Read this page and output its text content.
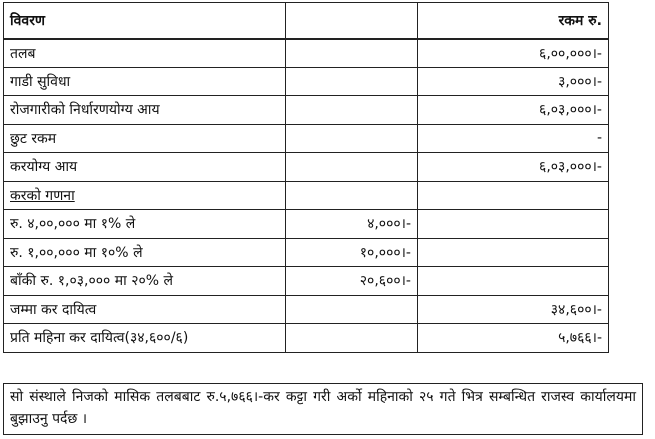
विवरण		रकम रु.
तलब		६,००,०००।-
गाडी सुविधा		३,०००।-
रोजगारीको निर्धारणयोग्य आय		६,०३,०००।-
छुट रकम		-
करयोग्य आय		६,०३,०००।-
करको गणना		
रु. ४,००,००० मा १% ले	४,०००।-	
रु. १,००,००० मा १०% ले	१०,०००।-	
बाँकी रु. १,०३,००० मा २०% ले	२०,६००।-	
जम्मा कर दायित्व		३४,६००।-
प्रति महिना कर दायित्व(३४,६००/६)		५,७६६।-
सो संस्थाले निजको मासिक तलबबाट रु.५,७६६।-कर कट्टा गरी अर्को महिनाको २५ गते भित्र सम्बन्धित राजस्व कार्यालयमा बुझाउनु पर्दछ ।
